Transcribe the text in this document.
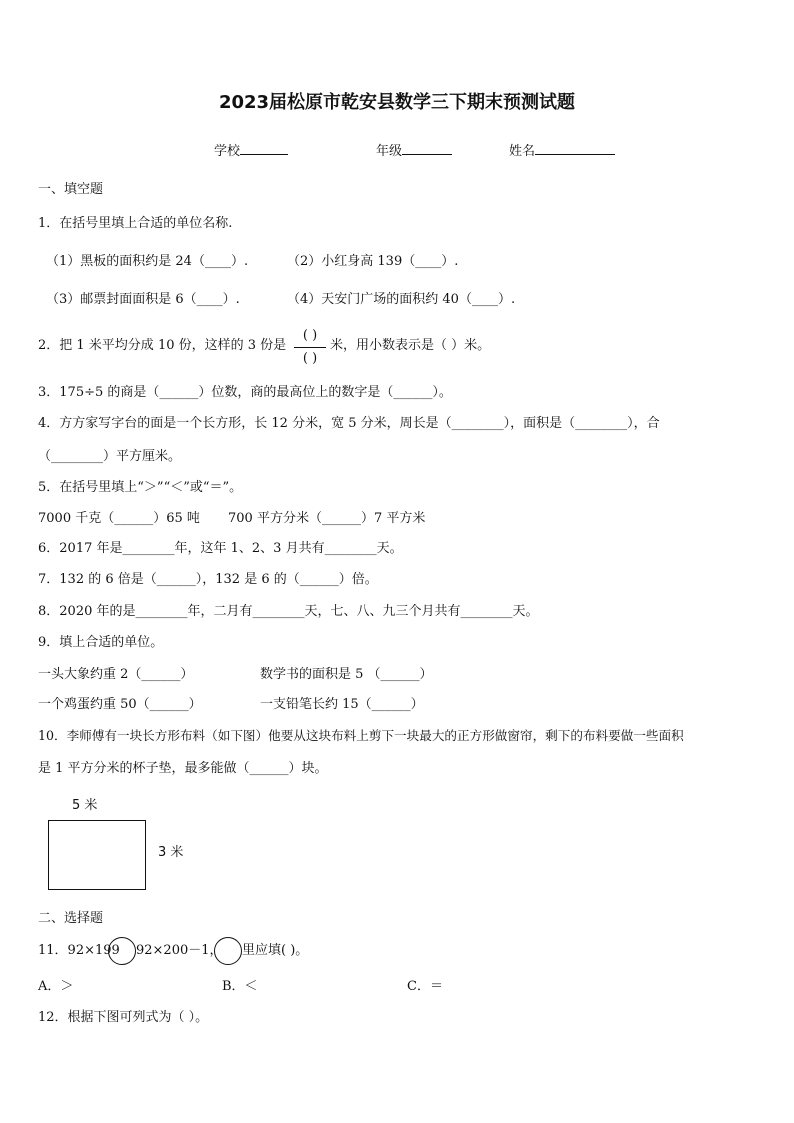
2023届松原市乾安县数学三下期末预测试题
学校	年级	姓名
一、填空题
1．在括号里填上合适的单位名称.
（1）黑板的面积约是 24（____）.	（2）小红身高 139（____）.
（3）邮票封面面积是 6（____）.	（4）天安门广场的面积约 40（____）.
2．把 1 米平均分成 10 份，这样的 3 份是
( )
( )
米，用小数表示是（ ）米。
3．175÷5 的商是（______）位数，商的最高位上的数字是（______）。
4．方方家写字台的面是一个长方形，长 12 分米，宽 5 分米，周长是（________），面积是（________），合
（________）平方厘米。
5．在括号里填上“＞”“＜”或“＝”。
7000 千克（______）65 吨 700 平方分米（______）7 平方米
6．2017 年是________年，这年 1、2、3 月共有________天。
7．132 的 6 倍是（______），132 是 6 的（______）倍。
8．2020 年的是________年，二月有________天，七、八、九三个月共有________天。
9．填上合适的单位。
一头大象约重 2（______）	数学书的面积是 5 （______）
一个鸡蛋约重 50（______）	一支铅笔长约 15（______）
10．李师傅有一块长方形布料（如下图）他要从这块布料上剪下一块最大的正方形做窗帘，剩下的布料要做一些面积
是 1 平方分米的杯子垫，最多能做（______）块。
5 米
3 米
二、选择题
11．92×199 92×200－1， 里应填( )。
A．＞	B．＜	C．＝
12．根据下图可列式为（ ）。
